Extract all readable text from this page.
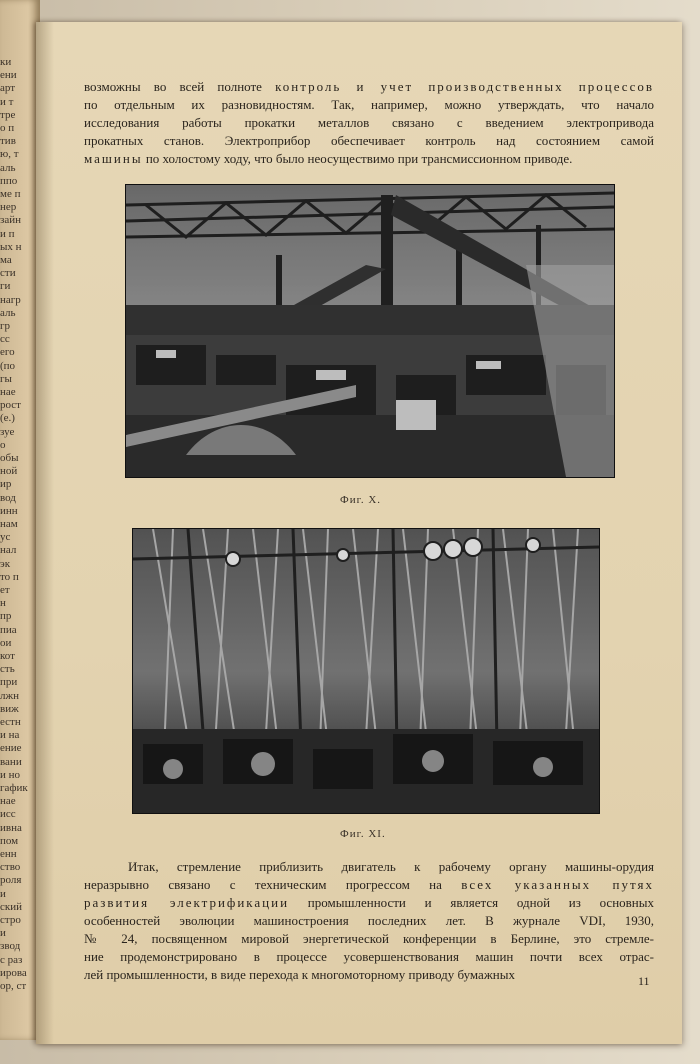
ки
ени
арт
и т
тре
о п
тив
ю, т
аль
ппо
ме п
нер
зайн
и п
ых н
ма
сти
ги
нагр
аль
гр
сс
его
(по
гы
нае
рост
(е.)
зуе
о
обы
ной
ир
вод
инн
нам
ус
нал
эк
то п
ет
н
пр
пиа
ои
кот
сть
при
лжн
виж
естн
и на
ение
вани
и но
гафик
нае
исс
ивна
пом
енн
ство
роля
и
ский
стро
и
звод
с раз
ирова
ор, ст
возможны во всей полноте контроль и учет производственных процессов
по отдельным их разновидностям. Так, например, можно утверждать, что начало
исследования работы прокатки металлов связано с введением электропривода
прокатных станов. Электроприбор обеспечивает контроль над состоянием самой
машины по холостому ходу, что было неосуществимо при трансмиссионном приводе.
Фиг. X.
Фиг. XI.
Итак, стремление приблизить двигатель к рабочему органу машины-орудия
неразрывно связано с техническим прогрессом на всех указанных путях
развития электрификации промышленности и является одной из основных
особенностей эволюции машиностроения последних лет. В журнале VDI, 1930,
№ 24, посвященном мировой энергетической конференции в Берлине, это стремле-
ние продемонстрировано в процессе усовершенствования машин почти всех отрас-
лей промышленности, в виде перехода к многомоторному приводу бумажных	11
